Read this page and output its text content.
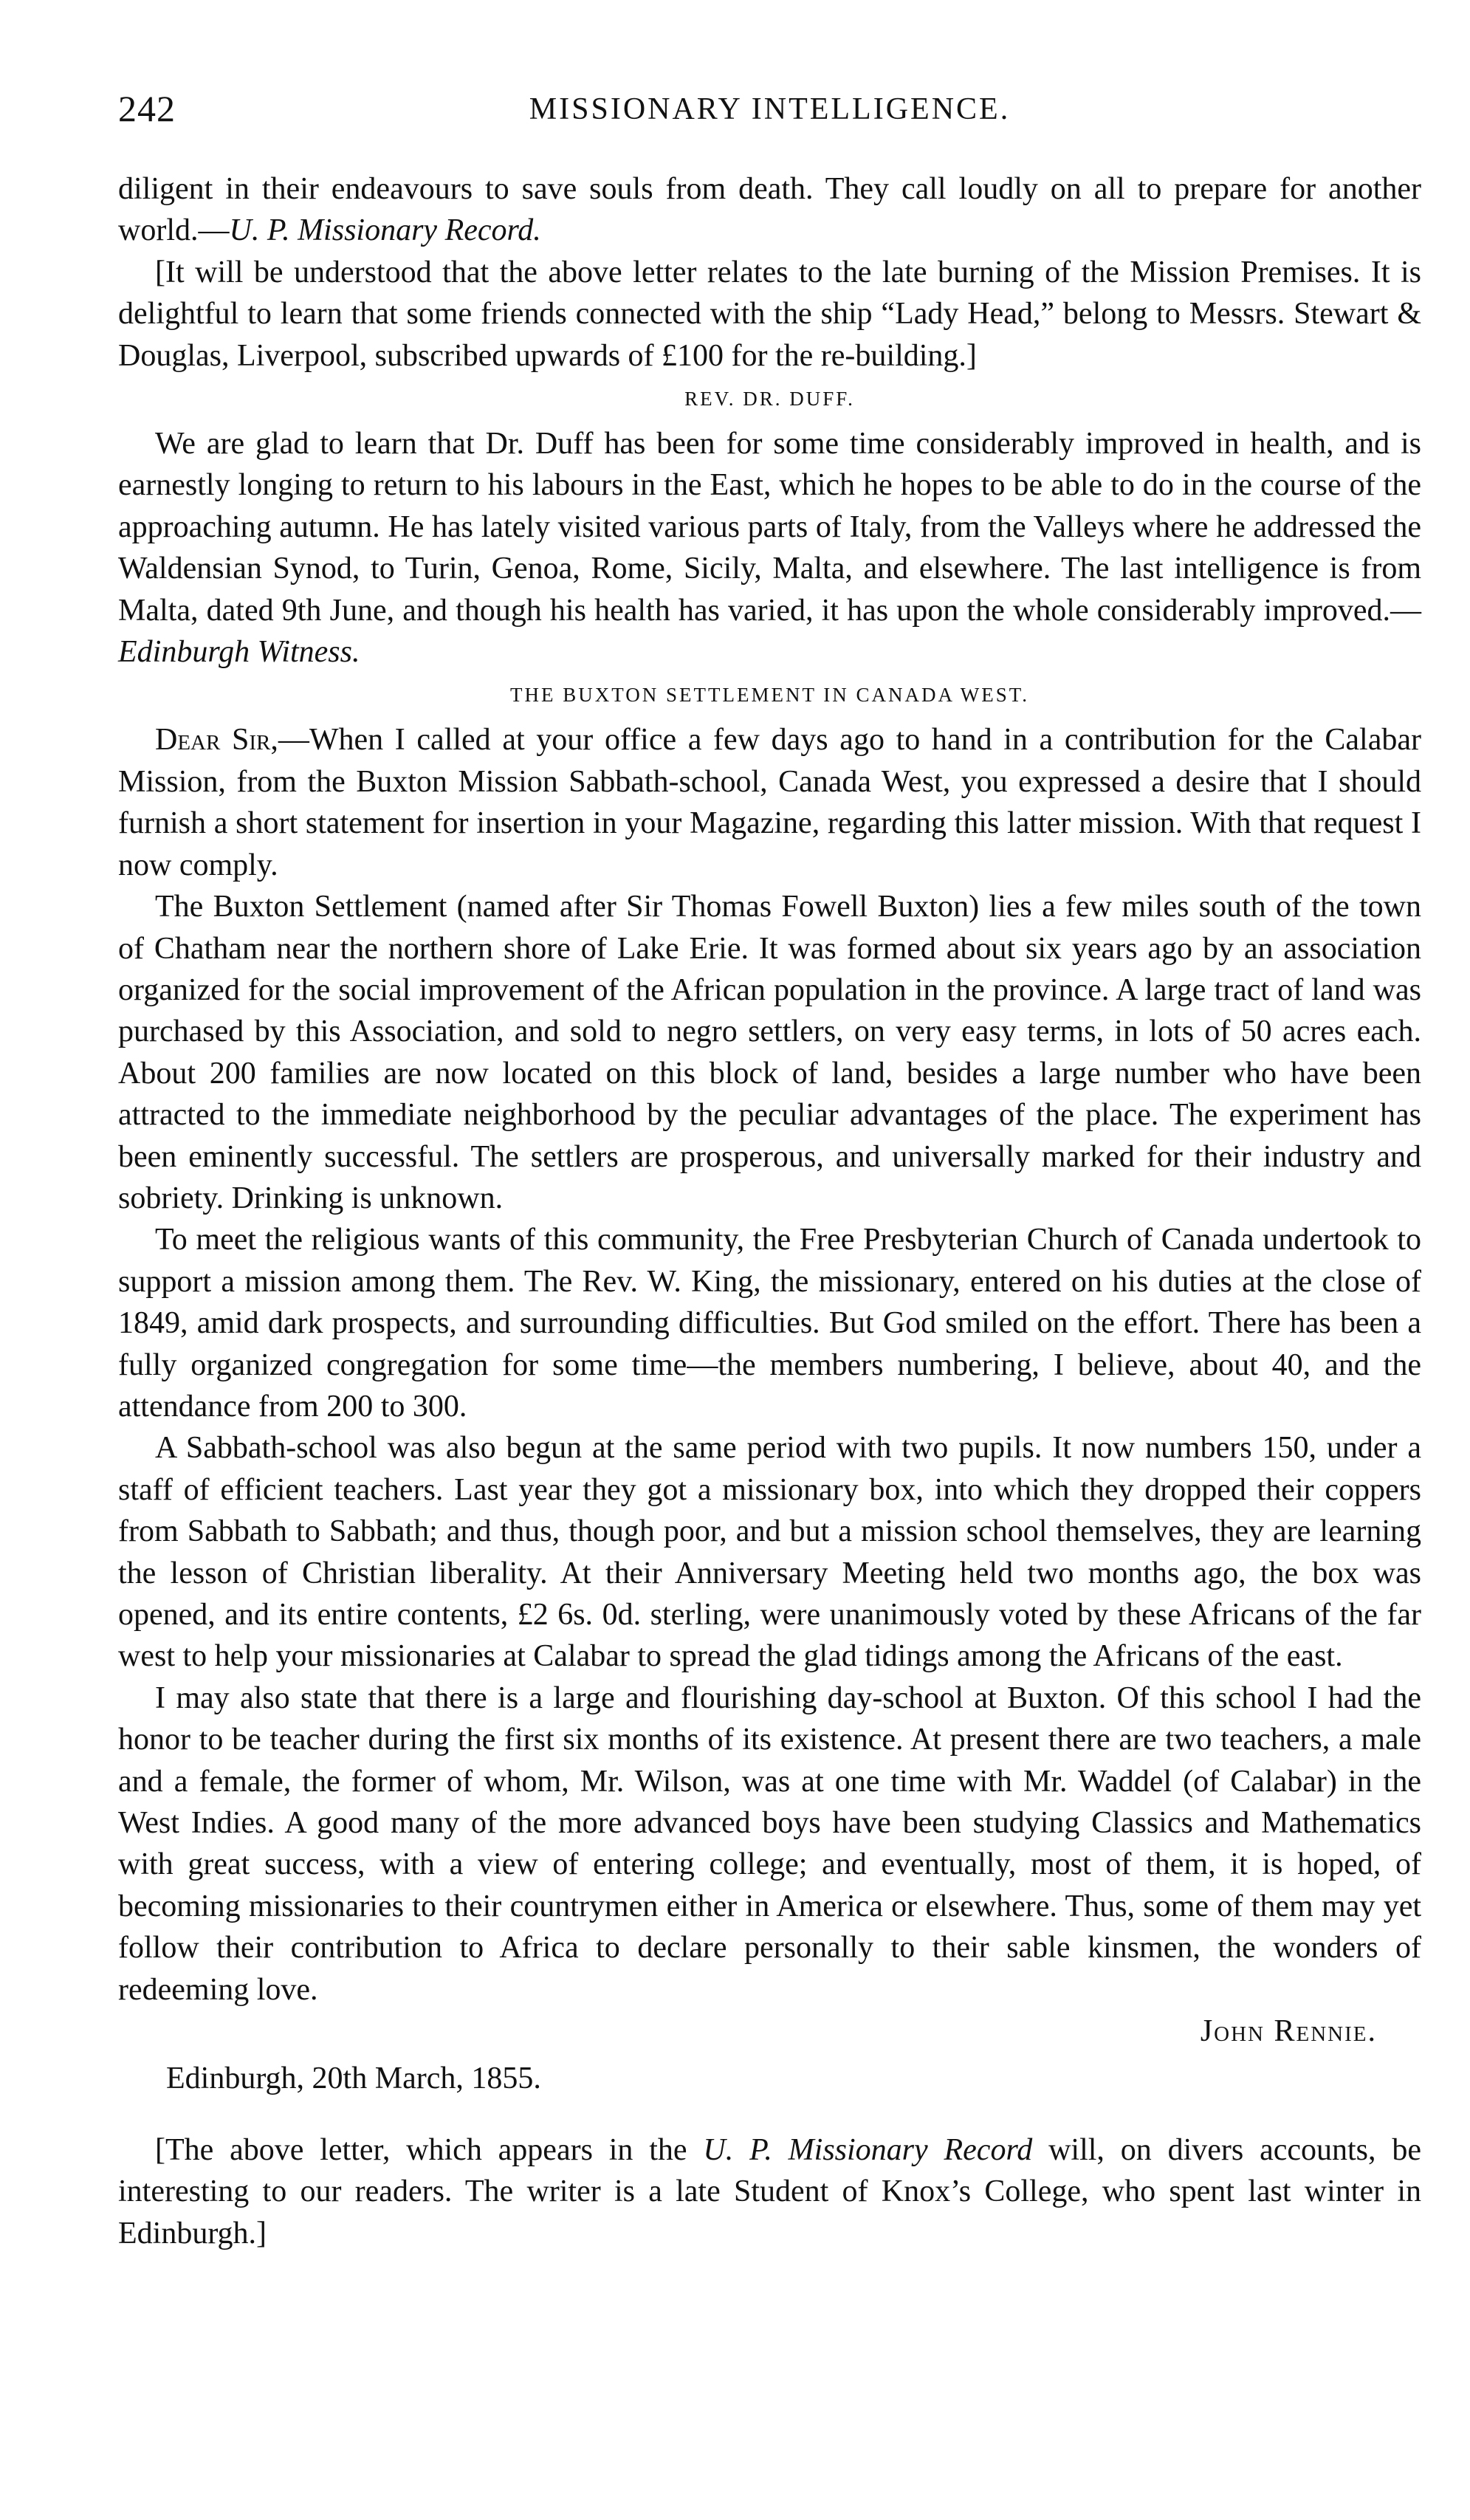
242	MISSIONARY INTELLIGENCE.

diligent in their endeavours to save souls from death. They call loudly on all to prepare for another world.—U. P. Missionary Record.

[It will be understood that the above letter relates to the late burning of the Mission Premises. It is delightful to learn that some friends connected with the ship “Lady Head,” belong to Messrs. Stewart & Douglas, Liverpool, subscribed upwards of £100 for the re-building.]

REV. DR. DUFF.

We are glad to learn that Dr. Duff has been for some time considerably improved in health, and is earnestly longing to return to his labours in the East, which he hopes to be able to do in the course of the approaching autumn. He has lately visited various parts of Italy, from the Valleys where he addressed the Waldensian Synod, to Turin, Genoa, Rome, Sicily, Malta, and elsewhere. The last intelligence is from Malta, dated 9th June, and though his health has varied, it has upon the whole considerably improved.—Edinburgh Witness.

THE BUXTON SETTLEMENT IN CANADA WEST.

Dear Sir,—When I called at your office a few days ago to hand in a contribution for the Calabar Mission, from the Buxton Mission Sabbath-school, Canada West, you expressed a desire that I should furnish a short statement for insertion in your Magazine, regarding this latter mission. With that request I now comply.

The Buxton Settlement (named after Sir Thomas Fowell Buxton) lies a few miles south of the town of Chatham near the northern shore of Lake Erie. It was formed about six years ago by an association organized for the social improvement of the African population in the province. A large tract of land was purchased by this Association, and sold to negro settlers, on very easy terms, in lots of 50 acres each. About 200 families are now located on this block of land, besides a large number who have been attracted to the immediate neighborhood by the peculiar advantages of the place. The experiment has been eminently successful. The settlers are prosperous, and universally marked for their industry and sobriety. Drinking is unknown.

To meet the religious wants of this community, the Free Presbyterian Church of Canada undertook to support a mission among them. The Rev. W. King, the missionary, entered on his duties at the close of 1849, amid dark prospects, and surrounding difficulties. But God smiled on the effort. There has been a fully organized congregation for some time—the members numbering, I believe, about 40, and the attendance from 200 to 300.

A Sabbath-school was also begun at the same period with two pupils. It now numbers 150, under a staff of efficient teachers. Last year they got a missionary box, into which they dropped their coppers from Sabbath to Sabbath; and thus, though poor, and but a mission school themselves, they are learning the lesson of Christian liberality. At their Anniversary Meeting held two months ago, the box was opened, and its entire contents, £2 6s. 0d. sterling, were unanimously voted by these Africans of the far west to help your missionaries at Calabar to spread the glad tidings among the Africans of the east.

I may also state that there is a large and flourishing day-school at Buxton. Of this school I had the honor to be teacher during the first six months of its existence. At present there are two teachers, a male and a female, the former of whom, Mr. Wilson, was at one time with Mr. Waddel (of Calabar) in the West Indies. A good many of the more advanced boys have been studying Classics and Mathematics with great success, with a view of entering college; and eventually, most of them, it is hoped, of becoming missionaries to their countrymen either in America or elsewhere. Thus, some of them may yet follow their contribution to Africa to declare personally to their sable kinsmen, the wonders of redeeming love.

John Rennie.

Edinburgh, 20th March, 1855.

[The above letter, which appears in the U. P. Missionary Record will, on divers accounts, be interesting to our readers. The writer is a late Student of Knox’s College, who spent last winter in Edinburgh.]
